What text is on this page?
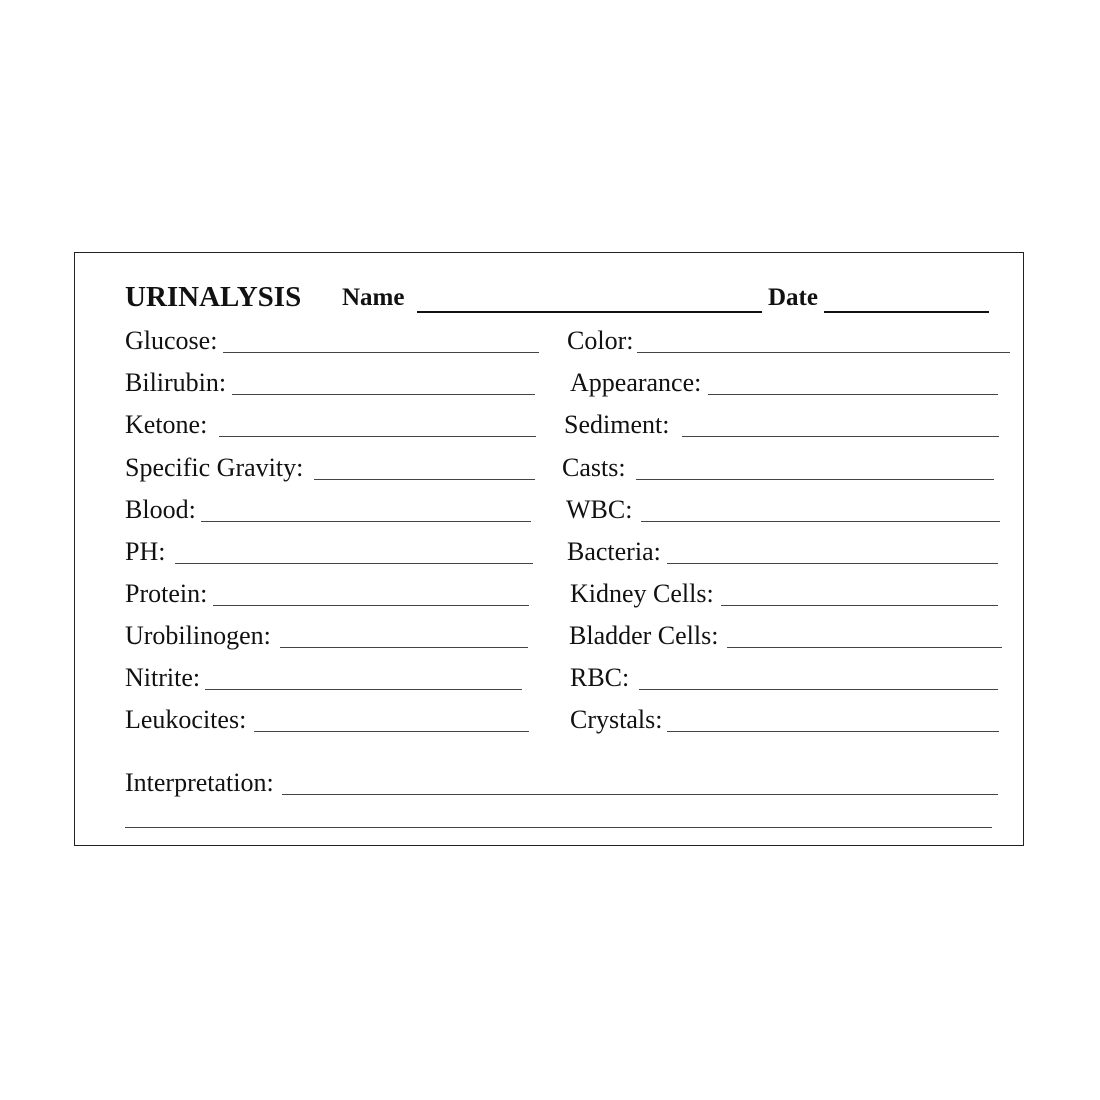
URINALYSIS Name	Date
Glucose:
Bilirubin:
Ketone:
Specific Gravity:
Blood:
PH:
Protein:
Urobilinogen:
Nitrite:
Leukocites:
Color:
Appearance:
Sediment:
Casts:
WBC:
Bacteria:
Kidney Cells:
Bladder Cells:
RBC:
Crystals:
Interpretation:
